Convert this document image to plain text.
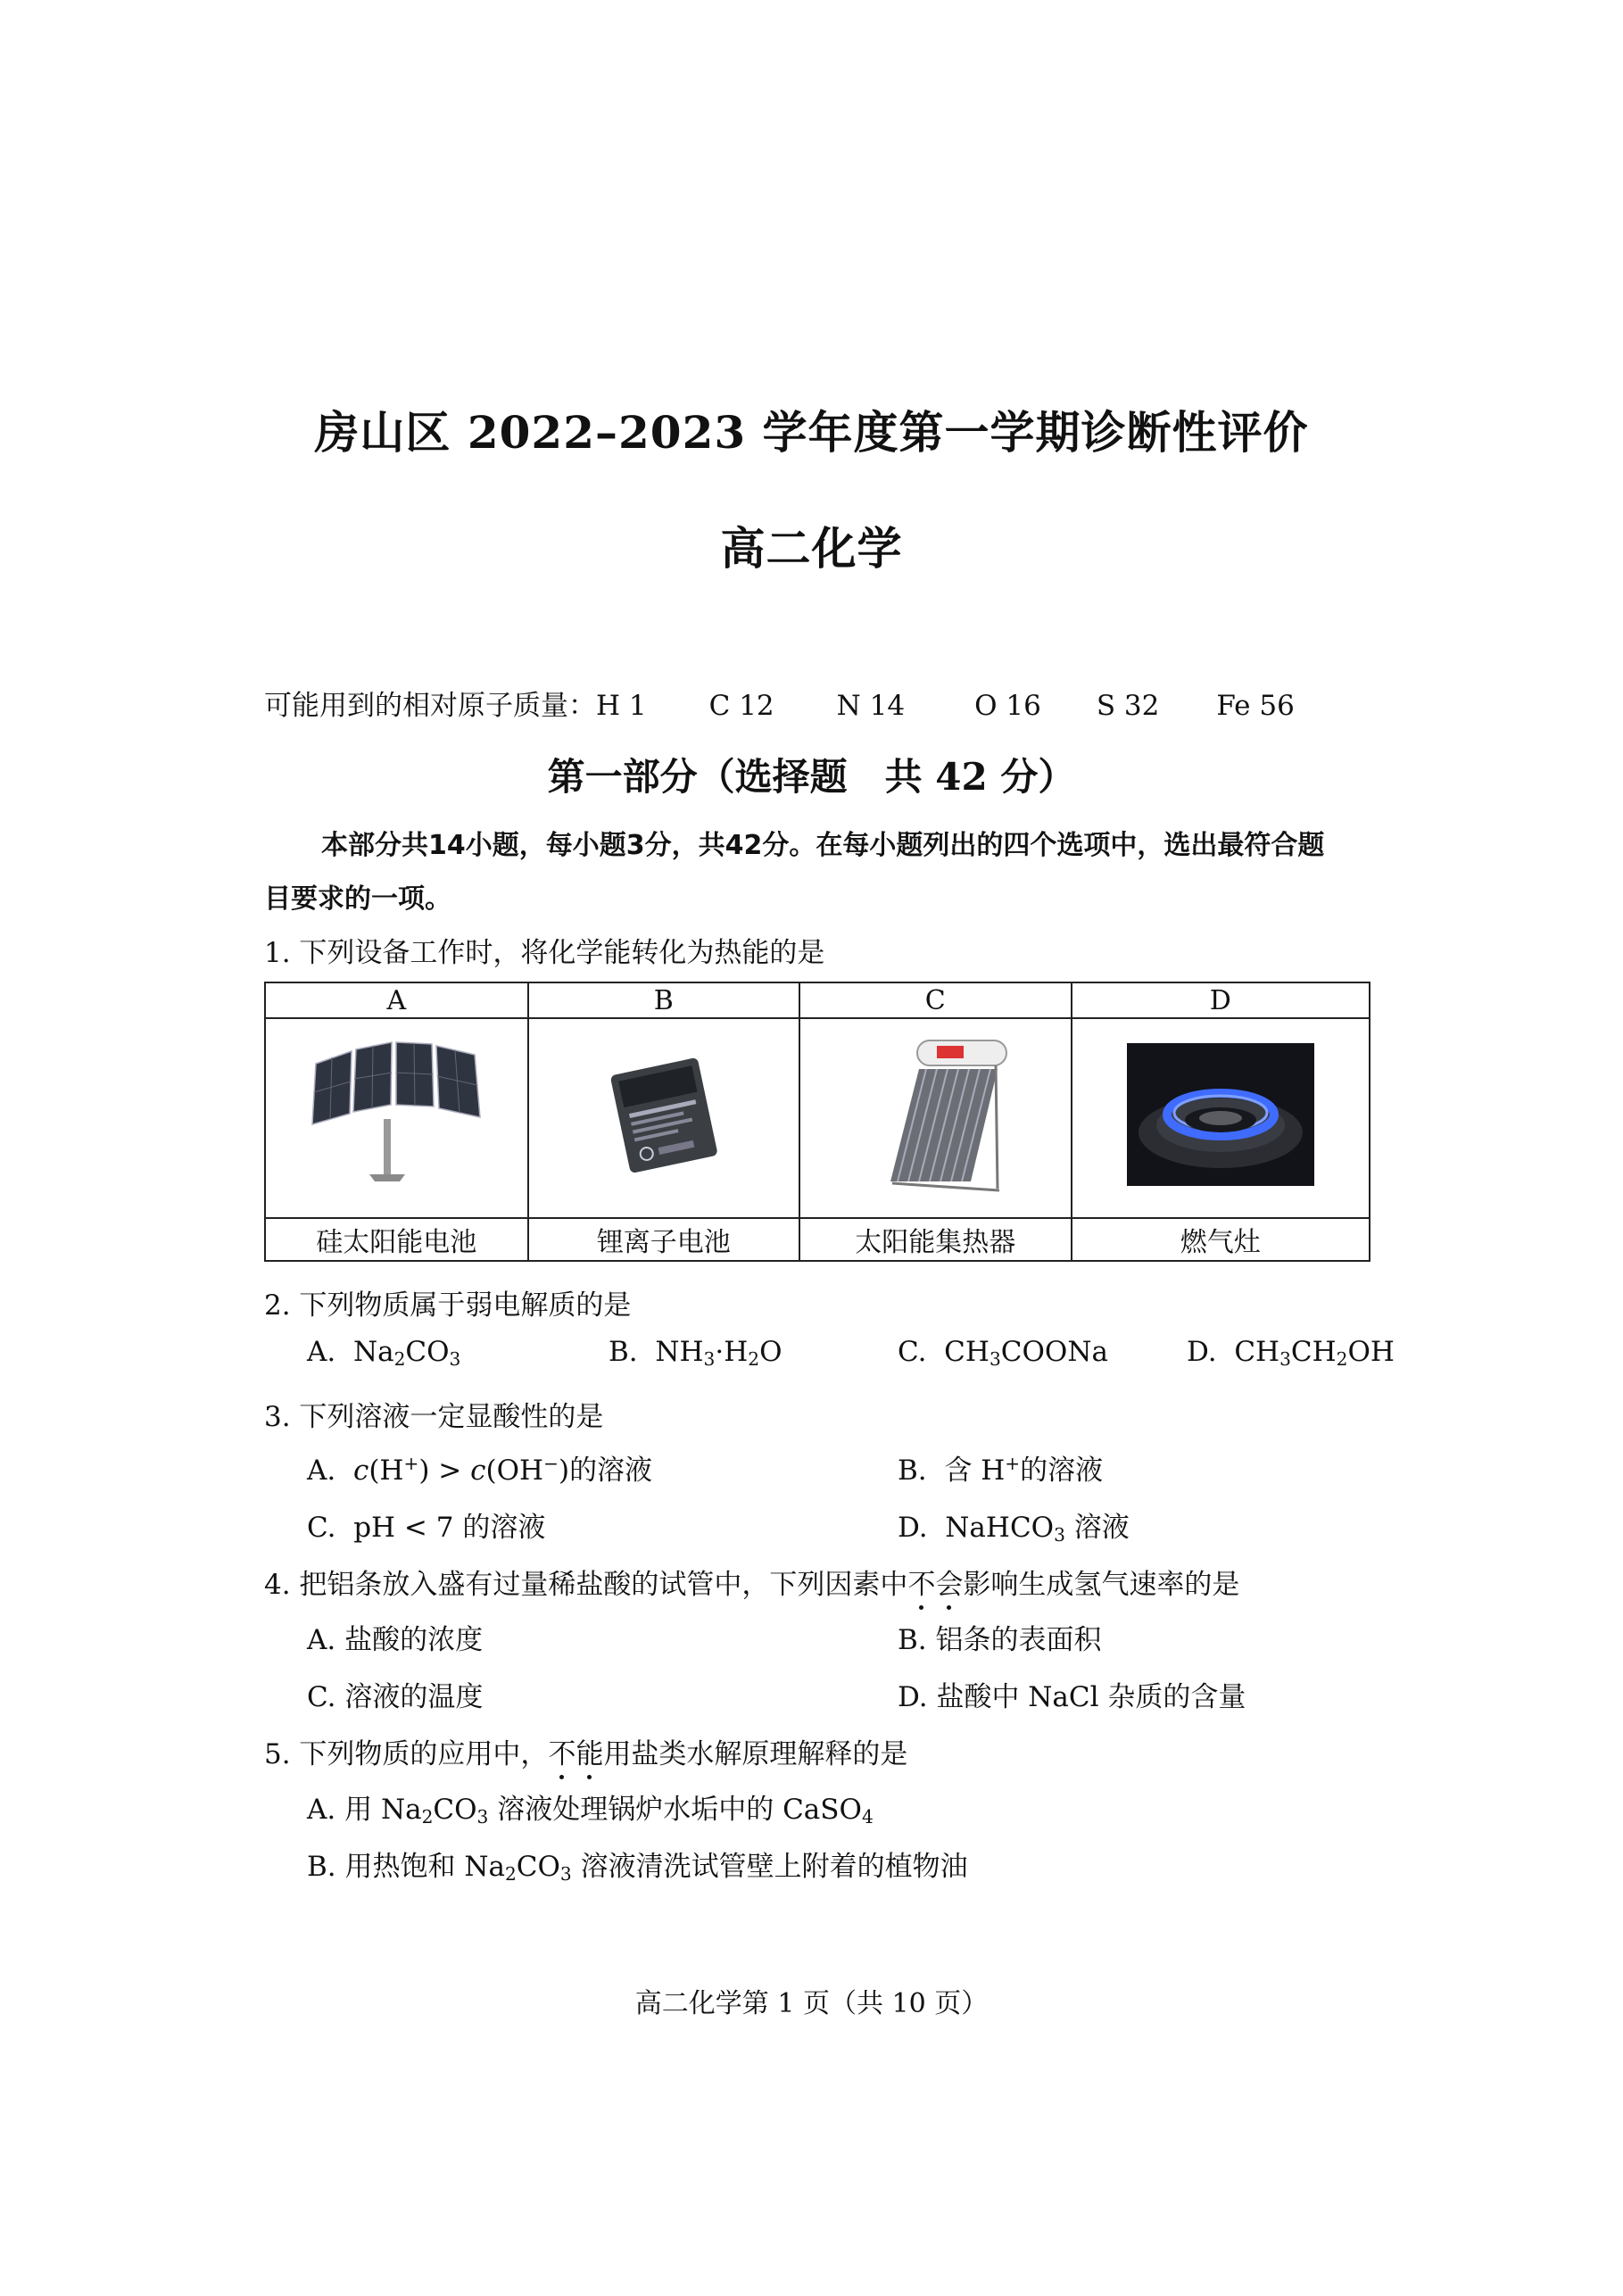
房山区 2022–2023 学年度第一学期诊断性评价
高二化学
可能用到的相对原子质量：H 1 C 12 N 14	O 16 S 32 Fe 56
第一部分（选择题　共 42 分）
本部分共14小题，每小题3分，共42分。在每小题列出的四个选项中，选出最符合题
目要求的一项。
1. 下列设备工作时，将化学能转化为热能的是
A	B	C	D

硅太阳能电池	锂离子电池	太阳能集热器	燃气灶
2. 下列物质属于弱电解质的是
A.  $Na_2CO_3$	B.  $NH_3\cdot H_2O$	C.  $CH_3COONa$	D.  $CH_3CH_2OH$
3. 下列溶液一定显酸性的是
A.  c(H+) > c(OH−)的溶液	B.  含 H+的溶液
C.  pH < 7 的溶液	D.  NaHCO$_3$ 溶液
4. 把铝条放入盛有过量稀盐酸的试管中，下列因素中不会影响生成氢气速率的是
A. 盐酸的浓度	B. 铝条的表面积
C. 溶液的温度	D. 盐酸中 NaCl 杂质的含量
5. 下列物质的应用中，不能用盐类水解原理解释的是
A. 用 $Na_2CO_3$ 溶液处理锅炉水垢中的 CaSO$_4$
B. 用热饱和 $Na_2CO_3$ 溶液清洗试管壁上附着的植物油
高二化学第 1 页（共 10 页）
